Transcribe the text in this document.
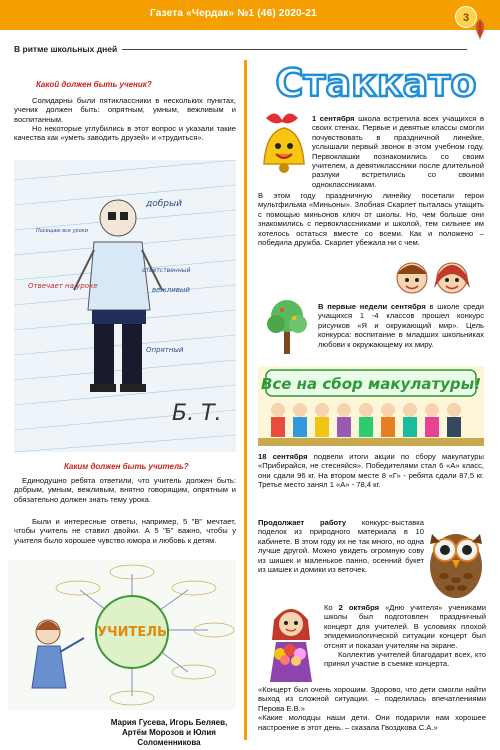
Газета «Чердак» №1 (46) 2020-21	3
В ритме школьных дней
Какой должен быть ученик?
Солидарны были пятиклассники в нескольких пунктах, ученик должен быть: опрятным, умным, вежливым и воспитанным.
Но некоторые углубились в этот вопрос и указали такие качества как «уметь заводить друзей» и «трудиться».
добрый
Посещаю все уроки
ответственный
вежливый
Опрятный
Отвечает на уроке
Б. Т.
Каким должен быть учитель?
Единодушно ребята ответили, что учитель должен быть: добрым, умным, вежливым, внятно говорящим, опрятным и обязательно должен знать тему урока.
Были и интересные ответы, например, 5 "В" мечтает, чтобы учитель не ставил двойки. А 5 "Б" важно, чтобы у учителя было хорошее чувство юмора и любовь к детям.
УЧИТЕЛЬ
Мария Гусева, Игорь Беляев,
Артём Морозов и Юлия Соломенникова
Стаккато
1 сентября школа встретила всех учащихся в своих стенах. Первые и девятые классы смогли почувствовать в праздничной линейке, услышали первый звонок в этом учебном году. Первоклашки познакомились со своим учителем, а девятиклассники после длительной разлуки встретились со своими одноклассниками.
В этом году праздничную линейку посетили герои мультфильма «Миньоны». Злобная Скарлет пыталась утащить с помощью миньонов ключ от школы. Но, чем больше они знакомились с первоклассниками и школой, тем сильнее им хотелось остаться вместе со всеми. Как и положено – победила дружба. Скарлет убежала ни с чем.
В первые недели сентября в школе среди учащихся 1 -4 классов прошел конкурс рисунков «Я и окружающий мир». Цель конкурса: воспитание в младших школьниках любови к окружающему их миру.
Все на сбор макулатуры!
18 сентября подвели итоги акции по сбору макулатуры «Прибирайся, не стесняйся». Победителями стал 6 «А» класс, они сдали 96 кг. На втором месте 8 «Г» - ребята сдали 87,5 кг. Третье место занял 1 «А» - 78,4 кг.
Продолжает работу конкурс-выставка поделок из природного материала в 10 кабинете. В этом году их не так много, но одна лучше другой. Можно увидеть огромную сову из шишек и маленькое панно, осенний букет из шишек и домики из веточек.
Ко 2 октября «Дню учителя» учениками школы был подготовлен праздничный концерт для учителей. В условиях плохой эпидемиологической ситуации концерт был отснят и показан учителям на экране.
Коллектив учителей благодарит всех, кто принял участие в съемке концерта.
«Концерт был очень хорошим. Здорово, что дети смогли найти выход из сложной ситуации. – поделилась впечатлениями Перова Е.В.»
«Какие молодцы наши дети. Они подарили нам хорошее настроение в этот день. – сказала Гвоздкова С.А.»
